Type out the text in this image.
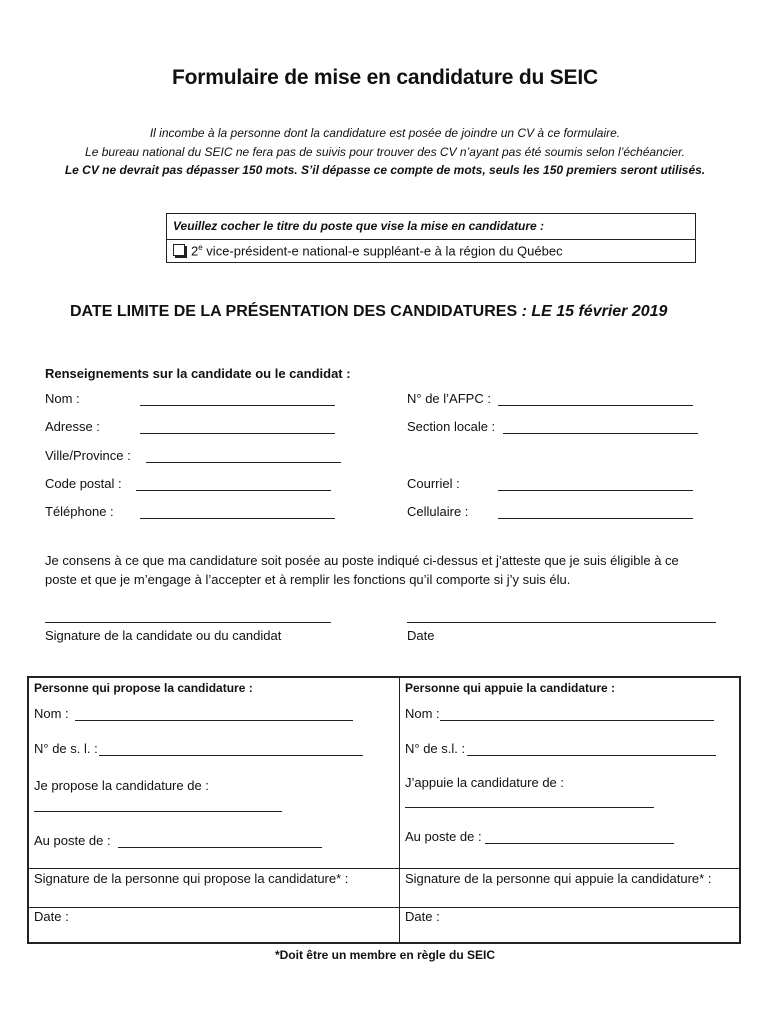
Formulaire de mise en candidature du SEIC
Il incombe à la personne dont la candidature est posée de joindre un CV à ce formulaire.
Le bureau national du SEIC ne fera pas de suivis pour trouver des CV n’ayant pas été soumis selon l’échéancier.
Le CV ne devrait pas dépasser 150 mots. S’il dépasse ce compte de mots, seuls les 150 premiers seront utilisés.
Veuillez cocher le titre du poste que vise la mise en candidature :
2e vice-président-e national-e suppléant-e à la région du Québec
DATE LIMITE DE LA PRÉSENTATION DES CANDIDATURES : LE 15 février 2019
Renseignements sur la candidate ou le candidat :
Nom :	N° de l’AFPC :
Adresse :	Section locale :
Ville/Province :
Code postal :	Courriel :
Téléphone :	Cellulaire :
Je consens à ce que ma candidature soit posée au poste indiqué ci-dessus et j’atteste que je suis éligible à ce
poste et que je m’engage à l’accepter et à remplir les fonctions qu’il comporte si j’y suis élu.
Signature de la candidate ou du candidat	Date
Personne qui propose la candidature :
Nom :
N° de s. l. :
Je propose la candidature de :
Au poste de :
Signature de la personne qui propose la candidature* :
Date :
Personne qui appuie la candidature :
Nom :
N° de s.l. :
J’appuie la candidature de :
Au poste de :
Signature de la personne qui appuie la candidature* :
Date :
*Doit être un membre en règle du SEIC
